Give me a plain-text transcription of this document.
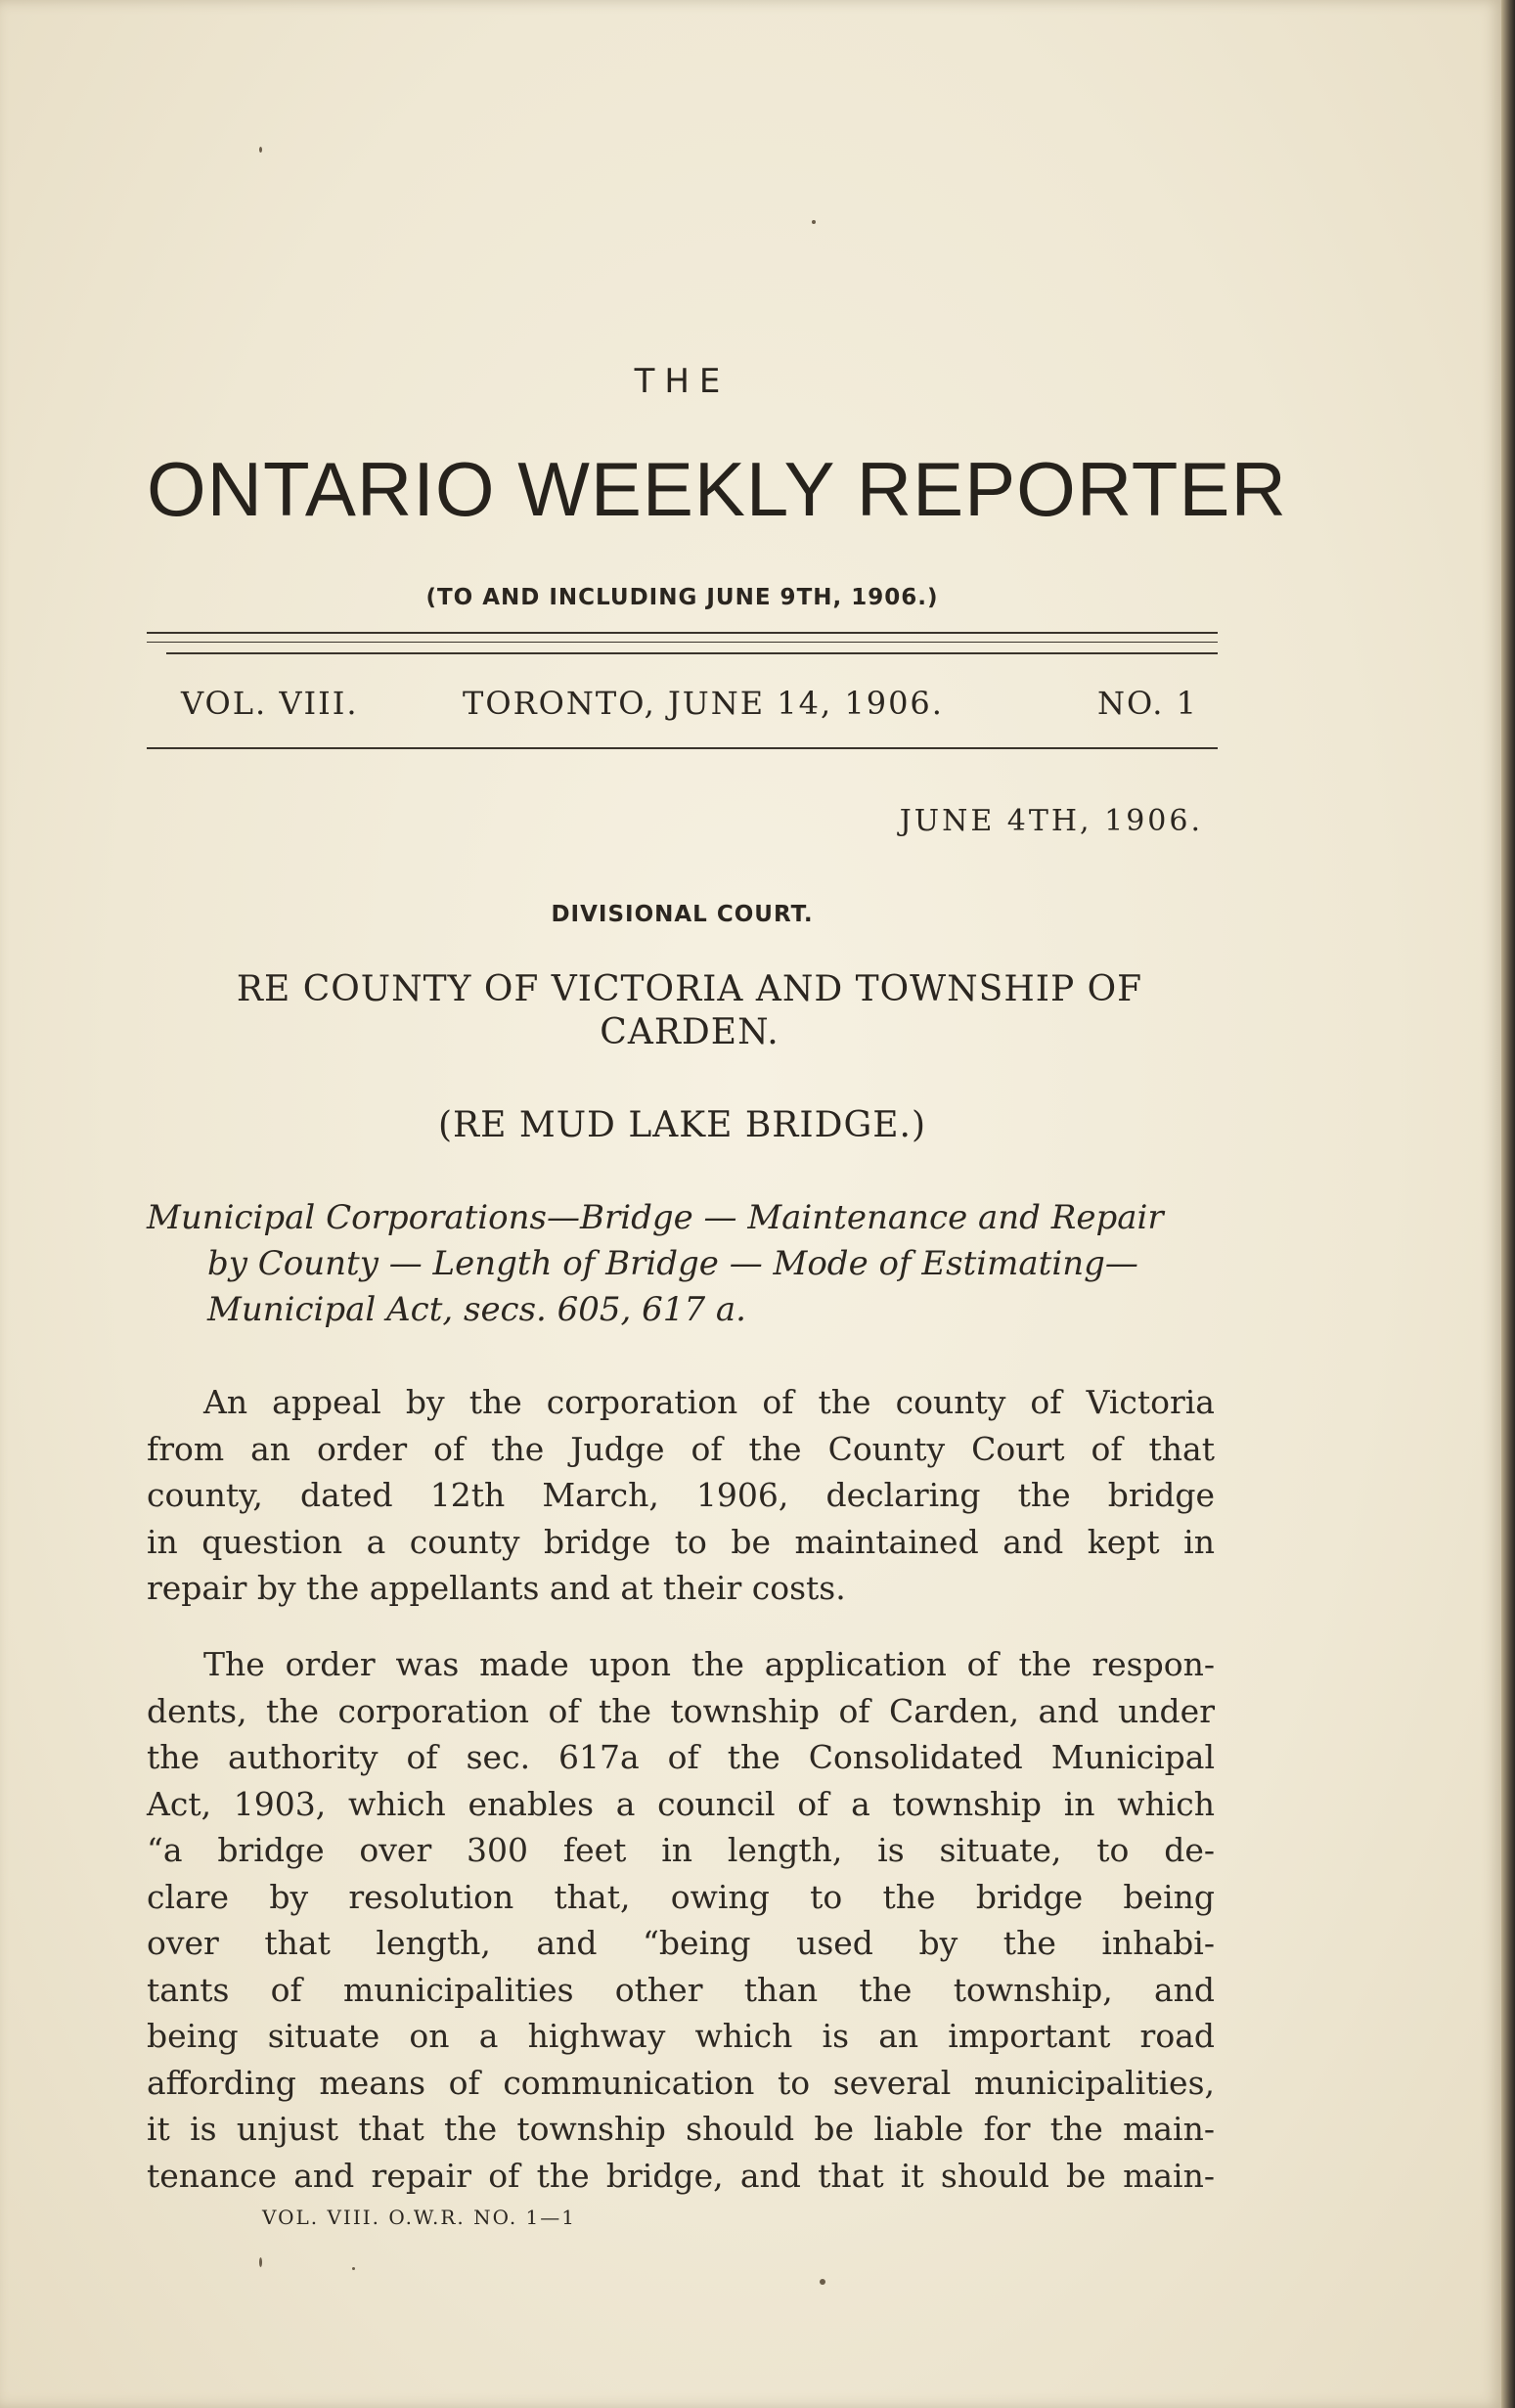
THE
ONTARIO WEEKLY REPORTER
(TO AND INCLUDING JUNE 9TH, 1906.)
VOL. VIII.	TORONTO, JUNE 14, 1906.	NO. 1
JUNE 4TH, 1906.
DIVISIONAL COURT.
RE COUNTY OF VICTORIA AND TOWNSHIP OF
CARDEN.
(RE MUD LAKE BRIDGE.)
Municipal Corporations—Bridge — Maintenance and Repair
by County — Length of Bridge — Mode of Estimating—
Municipal Act, secs. 605, 617 a.
An appeal by the corporation of the county of Victoria
from an order of the Judge of the County Court of that
county, dated 12th March, 1906, declaring the bridge
in question a county bridge to be maintained and kept in
repair by the appellants and at their costs.
The order was made upon the application of the respon-
dents, the corporation of the township of Carden, and under
the authority of sec. 617a of the Consolidated Municipal
Act, 1903, which enables a council of a township in which
“a bridge over 300 feet in length, is situate, to de-
clare by resolution that, owing to the bridge being
over that length, and “being used by the inhabi-
tants of municipalities other than the township, and
being situate on a highway which is an important road
affording means of communication to several municipalities,
it is unjust that the township should be liable for the main-
tenance and repair of the bridge, and that it should be main-
VOL. VIII. O.W.R. NO. 1—1
